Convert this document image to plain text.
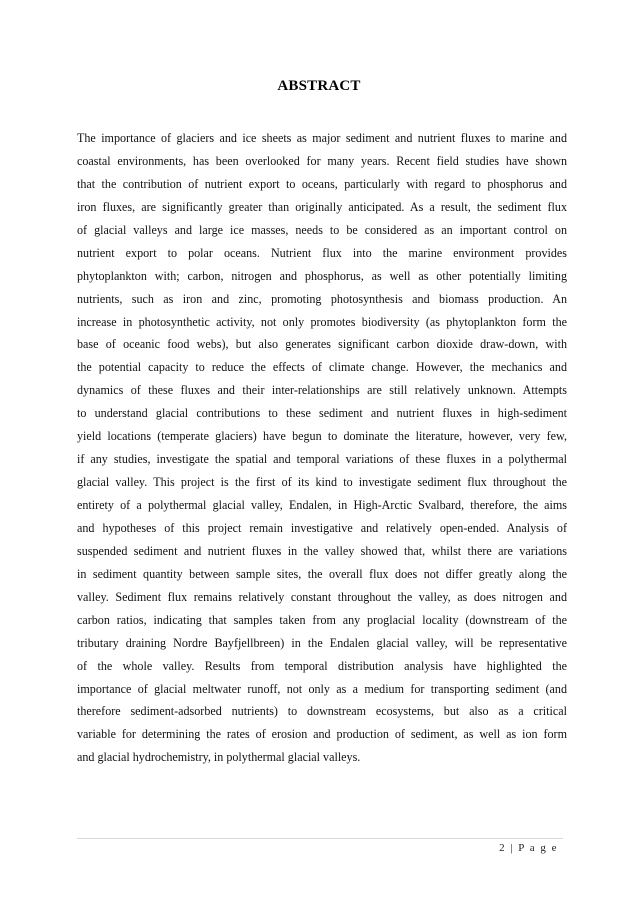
ABSTRACT
The importance of glaciers and ice sheets as major sediment and nutrient fluxes to marine and
coastal environments, has been overlooked for many years. Recent field studies have shown
that the contribution of nutrient export to oceans, particularly with regard to phosphorus and
iron fluxes, are significantly greater than originally anticipated. As a result, the sediment flux
of glacial valleys and large ice masses, needs to be considered as an important control on
nutrient export to polar oceans. Nutrient flux into the marine environment provides
phytoplankton with; carbon, nitrogen and phosphorus, as well as other potentially limiting
nutrients, such as iron and zinc, promoting photosynthesis and biomass production. An
increase in photosynthetic activity, not only promotes biodiversity (as phytoplankton form the
base of oceanic food webs), but also generates significant carbon dioxide draw-down, with
the potential capacity to reduce the effects of climate change. However, the mechanics and
dynamics of these fluxes and their inter-relationships are still relatively unknown. Attempts
to understand glacial contributions to these sediment and nutrient fluxes in high-sediment
yield locations (temperate glaciers) have begun to dominate the literature, however, very few,
if any studies, investigate the spatial and temporal variations of these fluxes in a polythermal
glacial valley. This project is the first of its kind to investigate sediment flux throughout the
entirety of a polythermal glacial valley, Endalen, in High-Arctic Svalbard, therefore, the aims
and hypotheses of this project remain investigative and relatively open-ended. Analysis of
suspended sediment and nutrient fluxes in the valley showed that, whilst there are variations
in sediment quantity between sample sites, the overall flux does not differ greatly along the
valley. Sediment flux remains relatively constant throughout the valley, as does nitrogen and
carbon ratios, indicating that samples taken from any proglacial locality (downstream of the
tributary draining Nordre Bayfjellbreen) in the Endalen glacial valley, will be representative
of the whole valley. Results from temporal distribution analysis have highlighted the
importance of glacial meltwater runoff, not only as a medium for transporting sediment (and
therefore sediment-adsorbed nutrients) to downstream ecosystems, but also as a critical
variable for determining the rates of erosion and production of sediment, as well as ion form
and glacial hydrochemistry, in polythermal glacial valleys.
2 | P a g e
